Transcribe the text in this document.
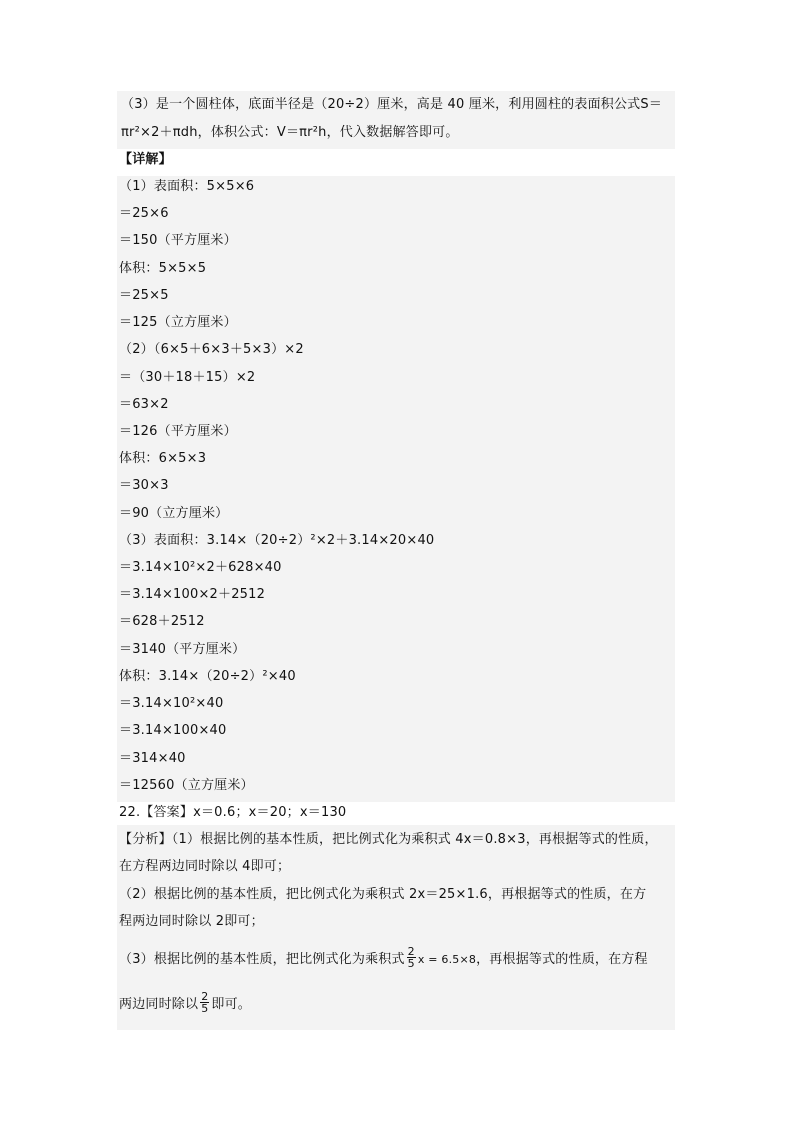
（3）是一个圆柱体，底面半径是（20÷2）厘米，高是 40 厘米，利用圆柱的表面积公式S＝
πr²×2＋πdh，体积公式：V＝πr²h，代入数据解答即可。
【详解】
（1）表面积：5×5×6
＝25×6
＝150（平方厘米）
体积：5×5×5
＝25×5
＝125（立方厘米）
（2）（6×5＋6×3＋5×3）×2
＝（30＋18＋15）×2
＝63×2
＝126（平方厘米）
体积：6×5×3
＝30×3
＝90（立方厘米）
（3）表面积：3.14×（20÷2）²×2＋3.14×20×40
＝3.14×10²×2＋628×40
＝3.14×100×2＋2512
＝628＋2512
＝3140（平方厘米）
体积：3.14×（20÷2）²×40
＝3.14×10²×40
＝3.14×100×40
＝314×40
＝12560（立方厘米）
22.【答案】x＝0.6；x＝20；x＝130
【分析】（1）根据比例的基本性质，把比例式化为乘积式 4x＝0.8×3，再根据等式的性质，
在方程两边同时除以 4即可；
（2）根据比例的基本性质，把比例式化为乘积式 2x＝25×1.6，再根据等式的性质，在方
程两边同时除以 2即可；
（3）根据比例的基本性质，把比例式化为乘积式 $\frac{2}{5}$ x = 6.5×8，再根据等式的性质，在方程
两边同时除以 $\frac{2}{5}$ 即可。
